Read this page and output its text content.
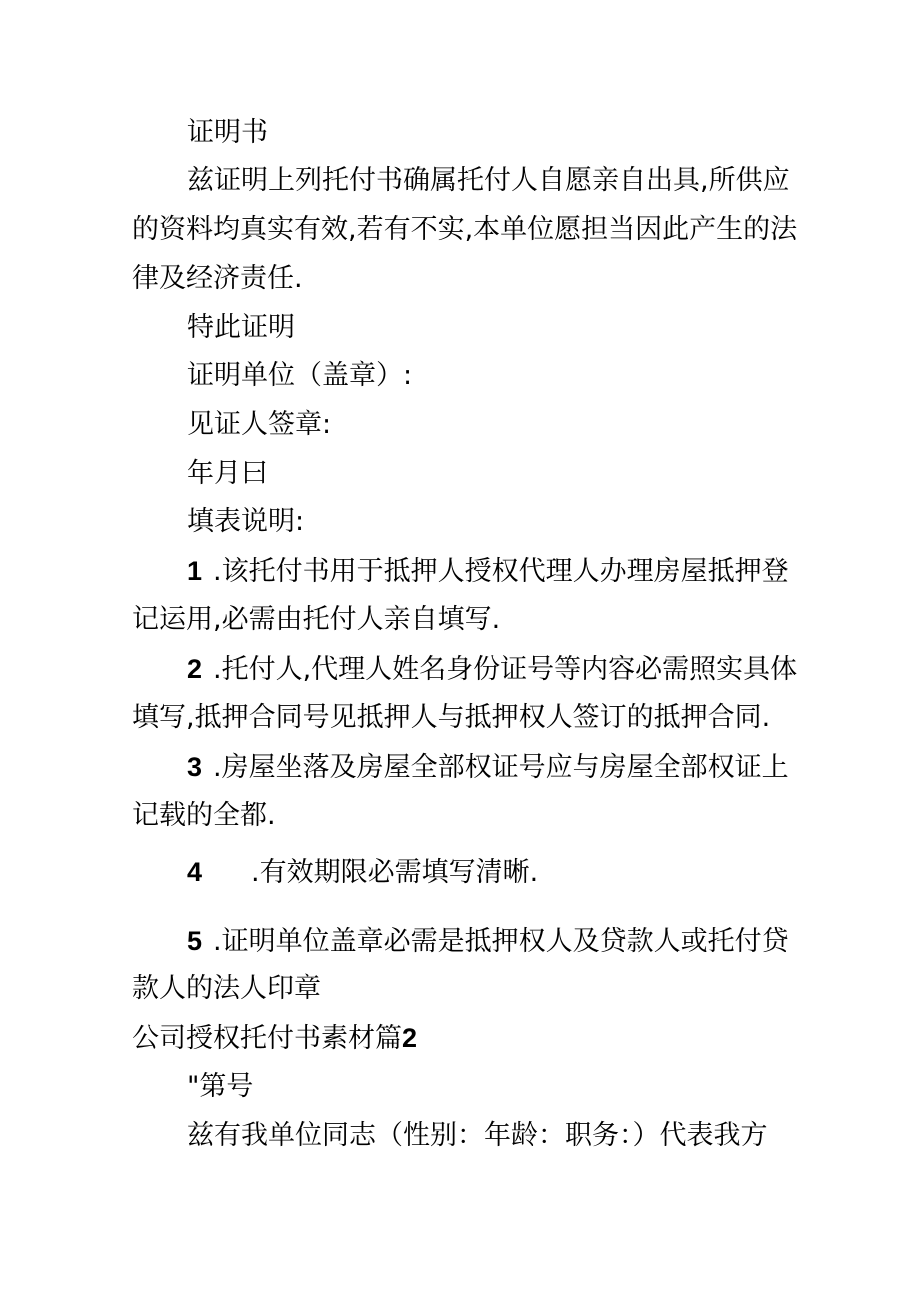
证明书
兹证明上列托付书确属托付人自愿亲自出具,所供应
的资料均真实有效,若有不实,本单位愿担当因此产生的法
律及经济责任.
特此证明
证明单位（盖章）:
见证人签章:
年月曰
填表说明:
1 .该托付书用于抵押人授权代理人办理房屋抵押登
记运用,必需由托付人亲自填写.
2 .托付人,代理人姓名身份证号等内容必需照实具体
填写,抵押合同号见抵押人与抵押权人签订的抵押合同.
3 .房屋坐落及房屋全部权证号应与房屋全部权证上
记载的全都.
4 .有效期限必需填写清晰.
5 .证明单位盖章必需是抵押权人及贷款人或托付贷
款人的法人印章
公司授权托付书素材篇2
"第号
兹有我单位同志（性别：年龄：职务：）代表我方
